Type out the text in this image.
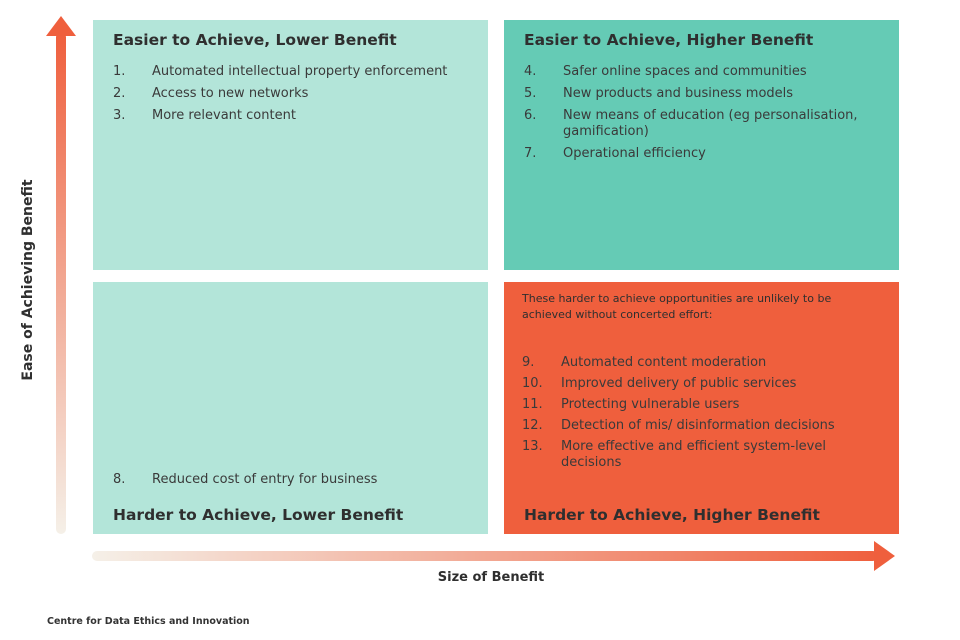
Ease of Achieving Benefit
Size of Benefit
Easier to Achieve, Lower Benefit
1.	Automated intellectual property enforcement
2.	Access to new networks
3.	More relevant content
Easier to Achieve, Higher Benefit
4.	Safer online spaces and communities
5.	New products and business models
6.	New means of education (eg personalisation, gamification)
7.	Operational efficiency
8.	Reduced cost of entry for business
Harder to Achieve, Lower Benefit
These harder to achieve opportunities are unlikely to be achieved without concerted effort:
9.	Automated content moderation
10.	Improved delivery of public services
11.	Protecting vulnerable users
12.	Detection of mis/ disinformation decisions
13.	More effective and efficient system-level decisions
Harder to Achieve, Higher Benefit
Centre for Data Ethics and Innovation
